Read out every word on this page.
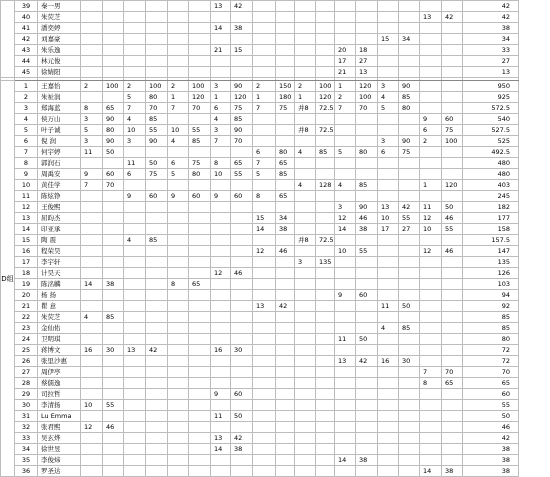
	39	秦一男							13	42											42
	40	朱荧芝																	13	42	42
	41	潘奕婷							14	38											38
	42	刘嘉豪															15	34			34
	43	朱乐逸							21	15					20	18					33
	44	林元俊													17	27					27
	45	徐婧阳													21	13					13

D组	1	王嘉怡	2	100	2	100	2	100	3	90	2	150	2	100	1	120	3	90			950
	2	朱祉润			5	80	1	120	1	120	1	180	1	120	2	100	4	85			925
	3	郑海蓝	8	65	7	70	7	70	6	75	7	75	并8	72.5	7	70	5	80			572.5
	4	侯万山	3	90	4	85			4	85									9	60	540
	5	叶子诚	5	80	10	55	10	55	3	90			并8	72.5					6	75	527.5
	6	倪 润	3	90	3	90	4	85	7	70							3	90	2	100	525
	7	何宇婷	11	50							6	80	4	85	5	80	6	75			492.5
	8	郭润石			11	50	6	75	8	65	7	65									480
	9	周禹安	9	60	6	75	5	80	10	55	5	85									480
	10	黄佳学	7	70									4	128	4	85			1	120	403
	11	陈炫铮			9	60	9	60	9	60	8	65									245
	12	王俊熙													3	90	13	42	11	50	182
	13	屈昀杰									15	34			12	46	10	55	12	46	177
	14	印亚承									14	38			14	38	17	27	10	55	158
	15	陶 震			4	85							并8	72.5							157.5
	16	程荣昊									12	46			10	55			12	46	147
	17	李宇轩											3	135							135
	18	计昊天							12	46											126
	19	陈洺麟	14	38			8	65													103
	20	杨 扬													9	60					94
	21	瞿 意									13	42					11	50			92
	22	朱荧芝	4	85																	85
	23	金仙佑															4	85			85
	24	卫明琪													11	50					80
	25	蒋博文	16	30	13	42			16	30											72
	26	张里沙惠													13	42	16	30			72
	27	周伊亭																	7	70	70
	28	蔡儒逸																	8	65	65
	29	司拉哲							9	60											60
	30	李清扬	10	55																	55
	31	Lu Emma							11	50											50
	32	张君熙	12	46																	46
	33	吴玄烨							13	42											42
	34	徐世昱							14	38											38
	35	李俊炜													14	38					38
	36	罗圣达																	14	38	38
